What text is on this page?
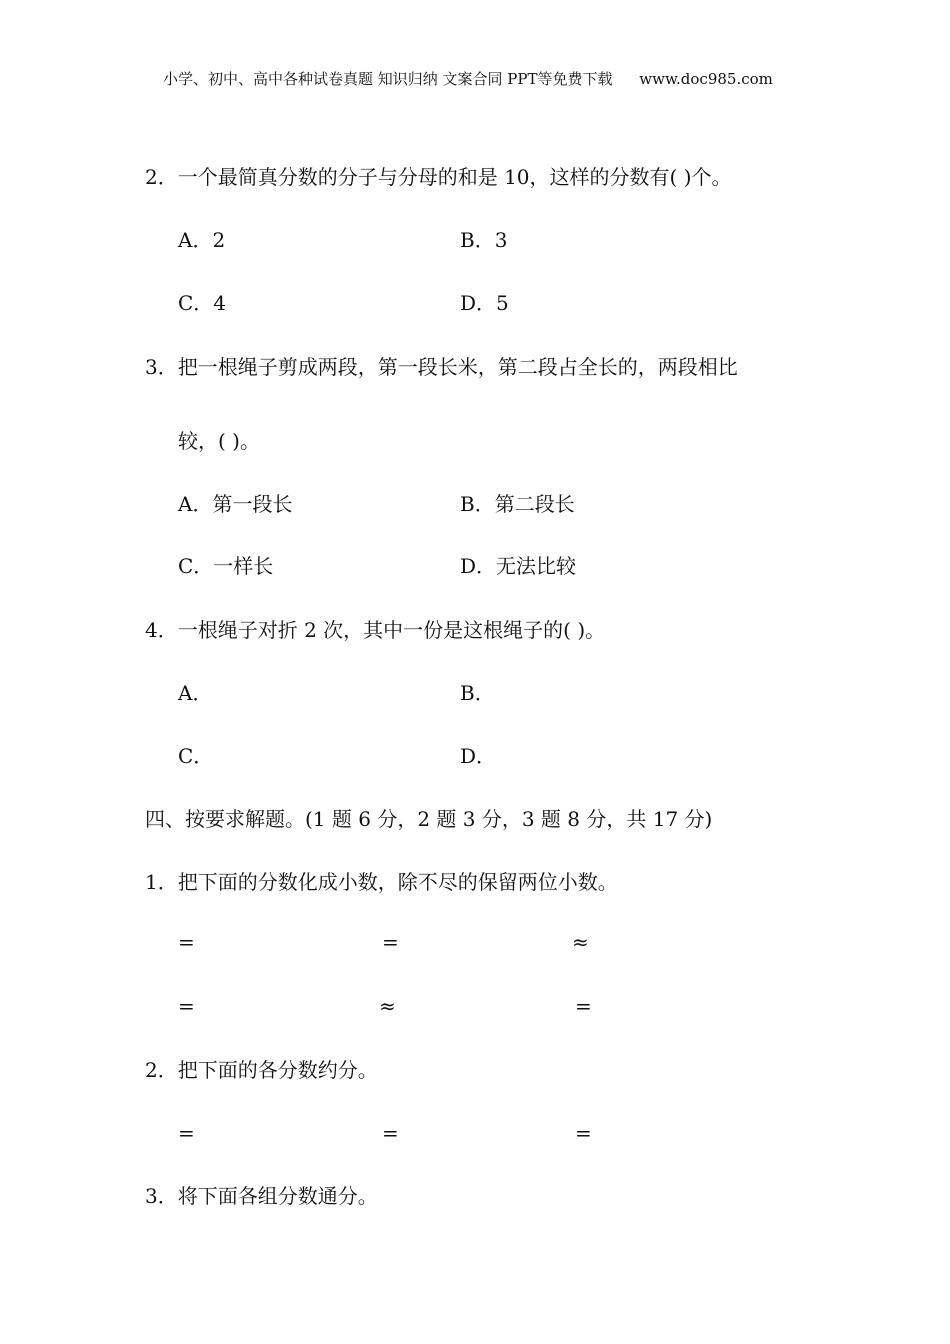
小学、初中、高中各种试卷真题 知识归纳 文案合同 PPT等免费下载 www.doc985.com
2．一个最简真分数的分子与分母的和是 10，这样的分数有( )个。
A．2	B．3
C．4	D．5
3．把一根绳子剪成两段，第一段长米，第二段占全长的，两段相比
较，( )。
A．第一段长	B．第二段长
C．一样长	D．无法比较
4．一根绳子对折 2 次，其中一份是这根绳子的( )。
A．	B．
C．	D．
四、按要求解题。(1 题 6 分，2 题 3 分，3 题 8 分，共 17 分)
1．把下面的分数化成小数，除不尽的保留两位小数。
=	=	≈
=	≈	=
2．把下面的各分数约分。
=	=	=
3．将下面各组分数通分。
